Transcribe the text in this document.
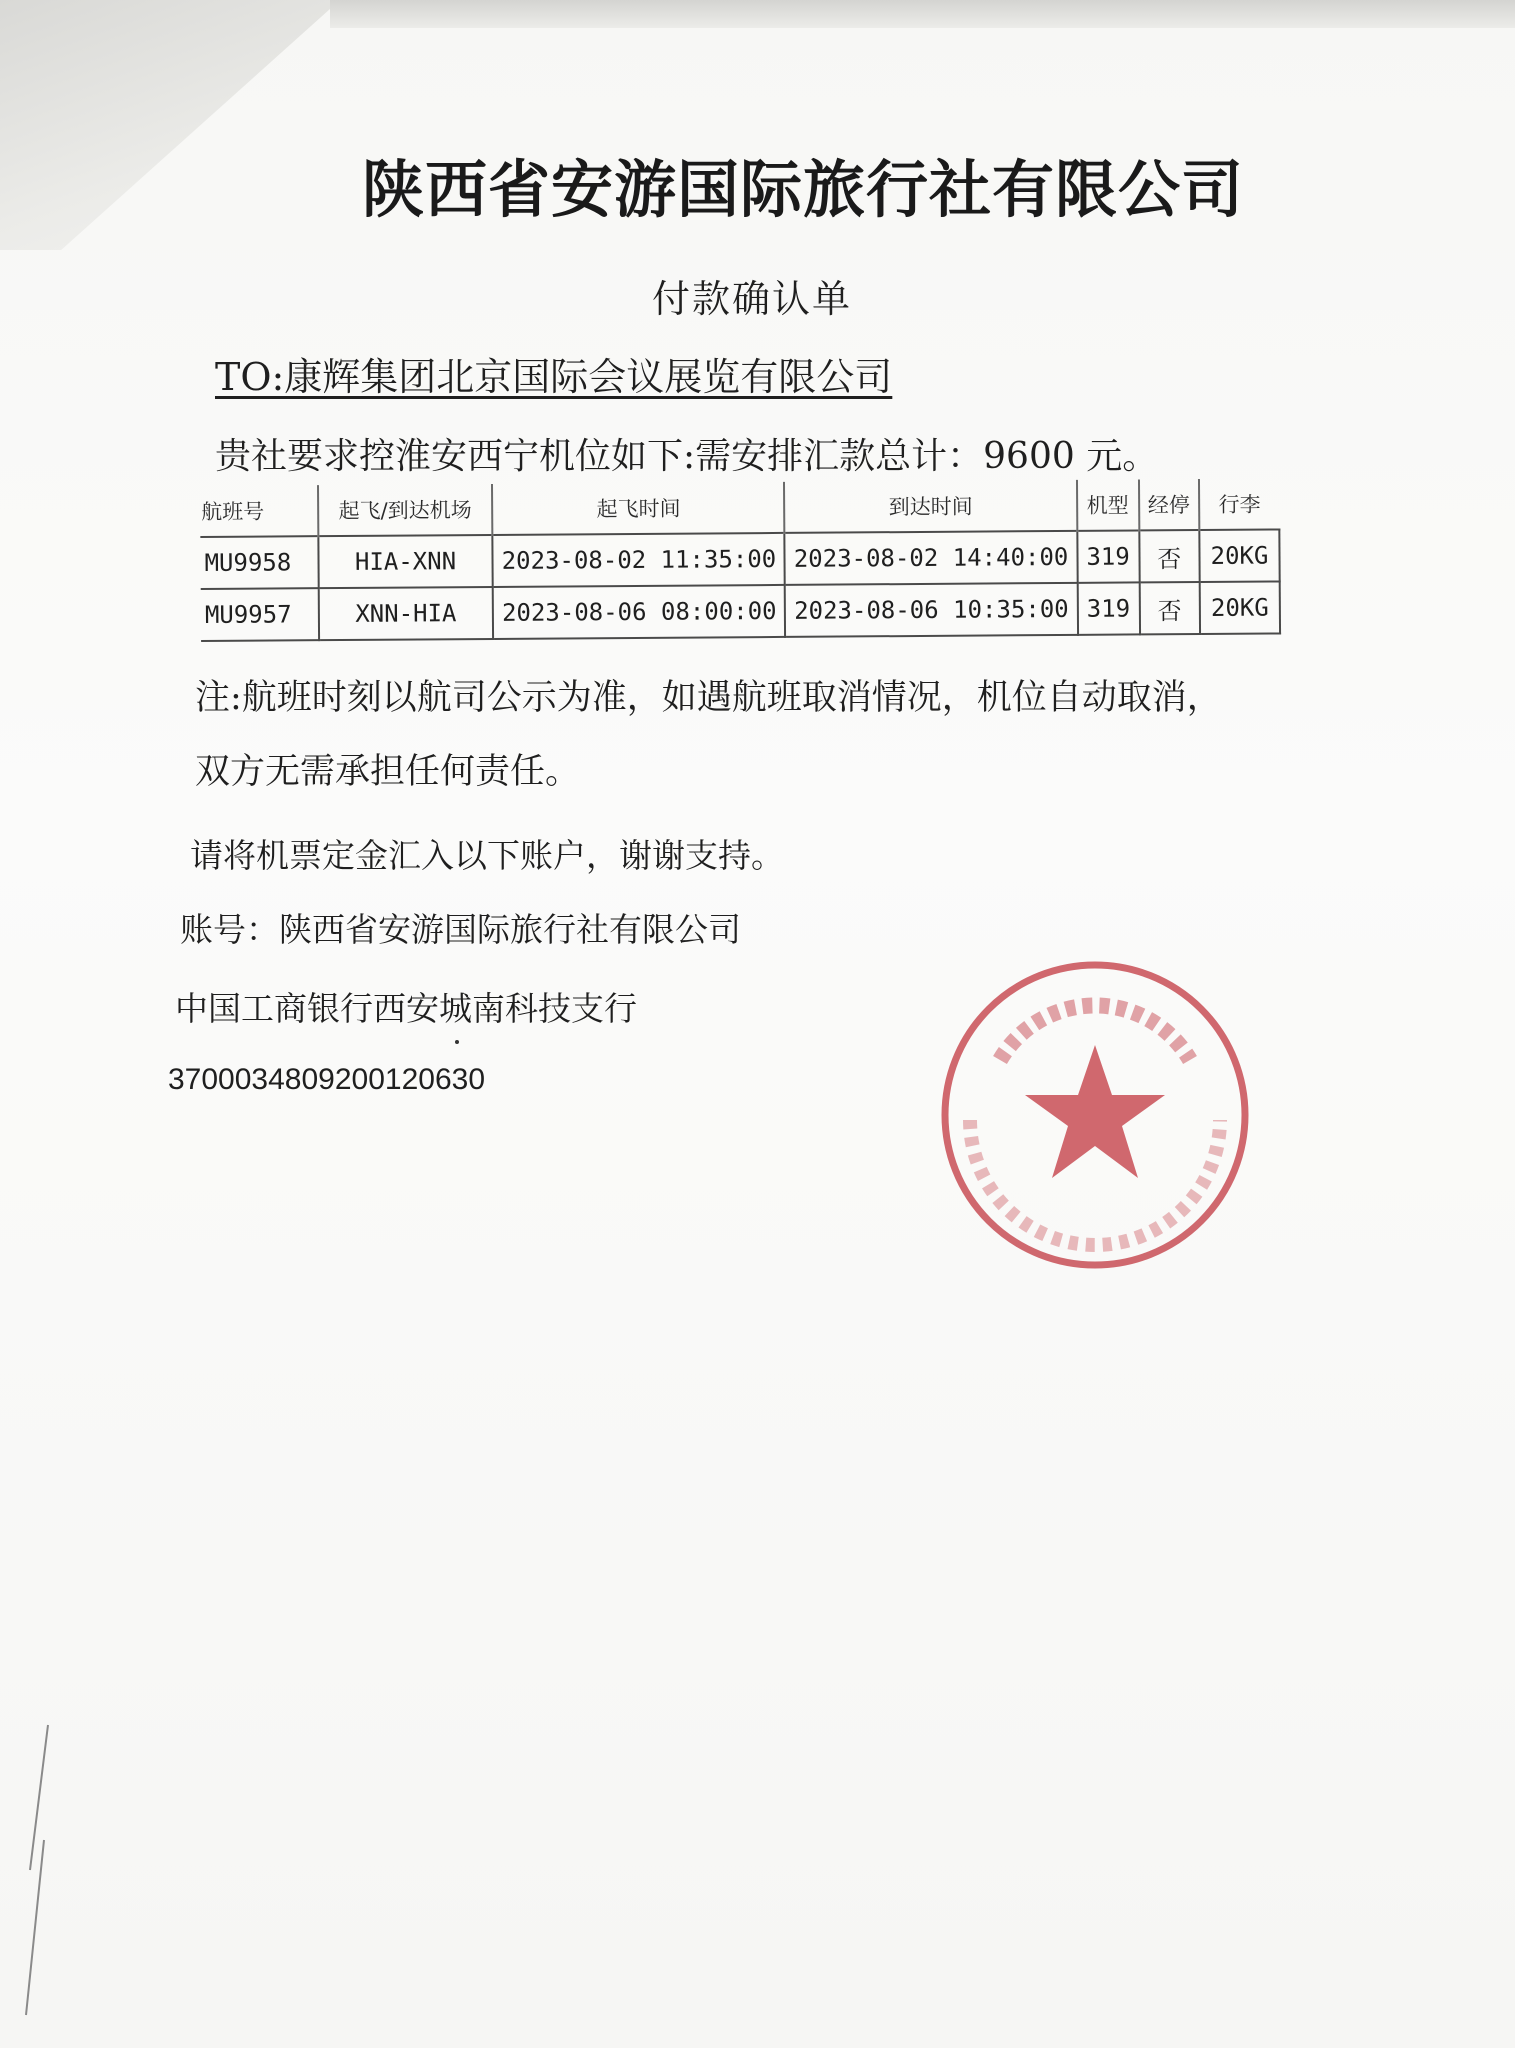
陕西省安游国际旅行社有限公司
付款确认单
TO:康辉集团北京国际会议展览有限公司
贵社要求控淮安西宁机位如下:需安排汇款总计：9600 元。
航班号	起飞/到达机场	起飞时间	到达时间	机型	经停	行李
MU9958	HIA-XNN	2023-08-02 11:35:00	2023-08-02 14:40:00	319	否	20KG
MU9957	XNN-HIA	2023-08-06 08:00:00	2023-08-06 10:35:00	319	否	20KG
注:航班时刻以航司公示为准，如遇航班取消情况，机位自动取消，
双方无需承担任何责任。
请将机票定金汇入以下账户，谢谢支持。
账号：陕西省安游国际旅行社有限公司
中国工商银行西安城南科技支行
3700034809200120630
